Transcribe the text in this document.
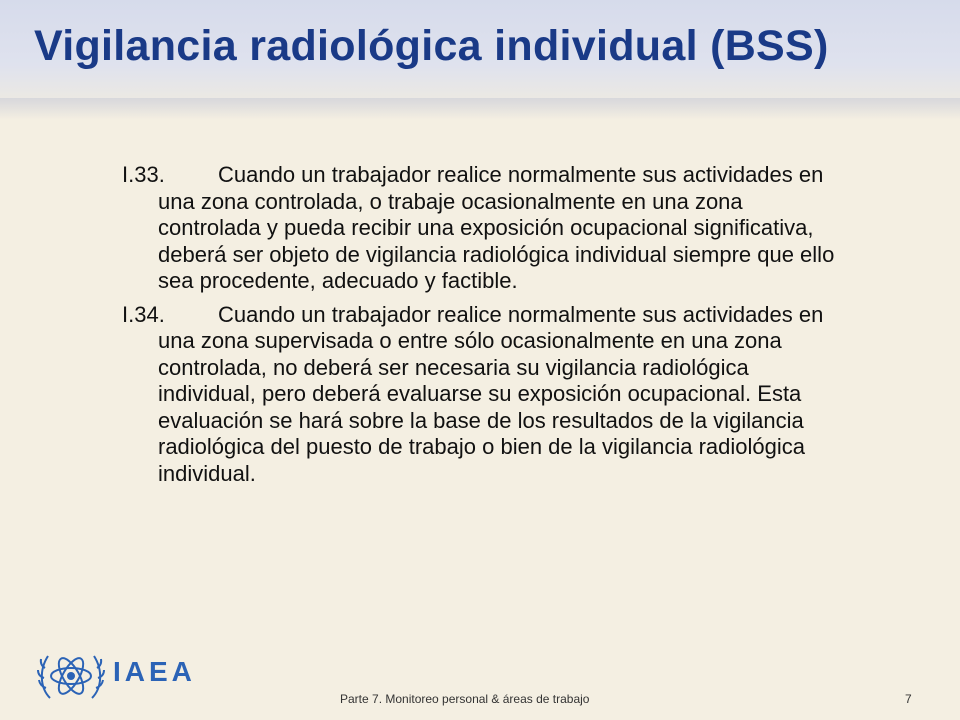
Vigilancia radiológica individual (BSS)

I.33. Cuando un trabajador realice normalmente sus actividades en una zona controlada, o trabaje ocasionalmente en una zona controlada y pueda recibir una exposición ocupacional significativa, deberá ser objeto de vigilancia radiológica individual siempre que ello sea procedente, adecuado y factible.

I.34. Cuando un trabajador realice normalmente sus actividades en una zona supervisada o entre sólo ocasionalmente en una zona controlada, no deberá ser necesaria su vigilancia radiológica individual, pero deberá evaluarse su exposición ocupacional. Esta evaluación se hará sobre la base de los resultados de la vigilancia radiológica del puesto de trabajo o bien de la vigilancia radiológica individual.

IAEA
Parte 7. Monitoreo personal & áreas de trabajo	7
